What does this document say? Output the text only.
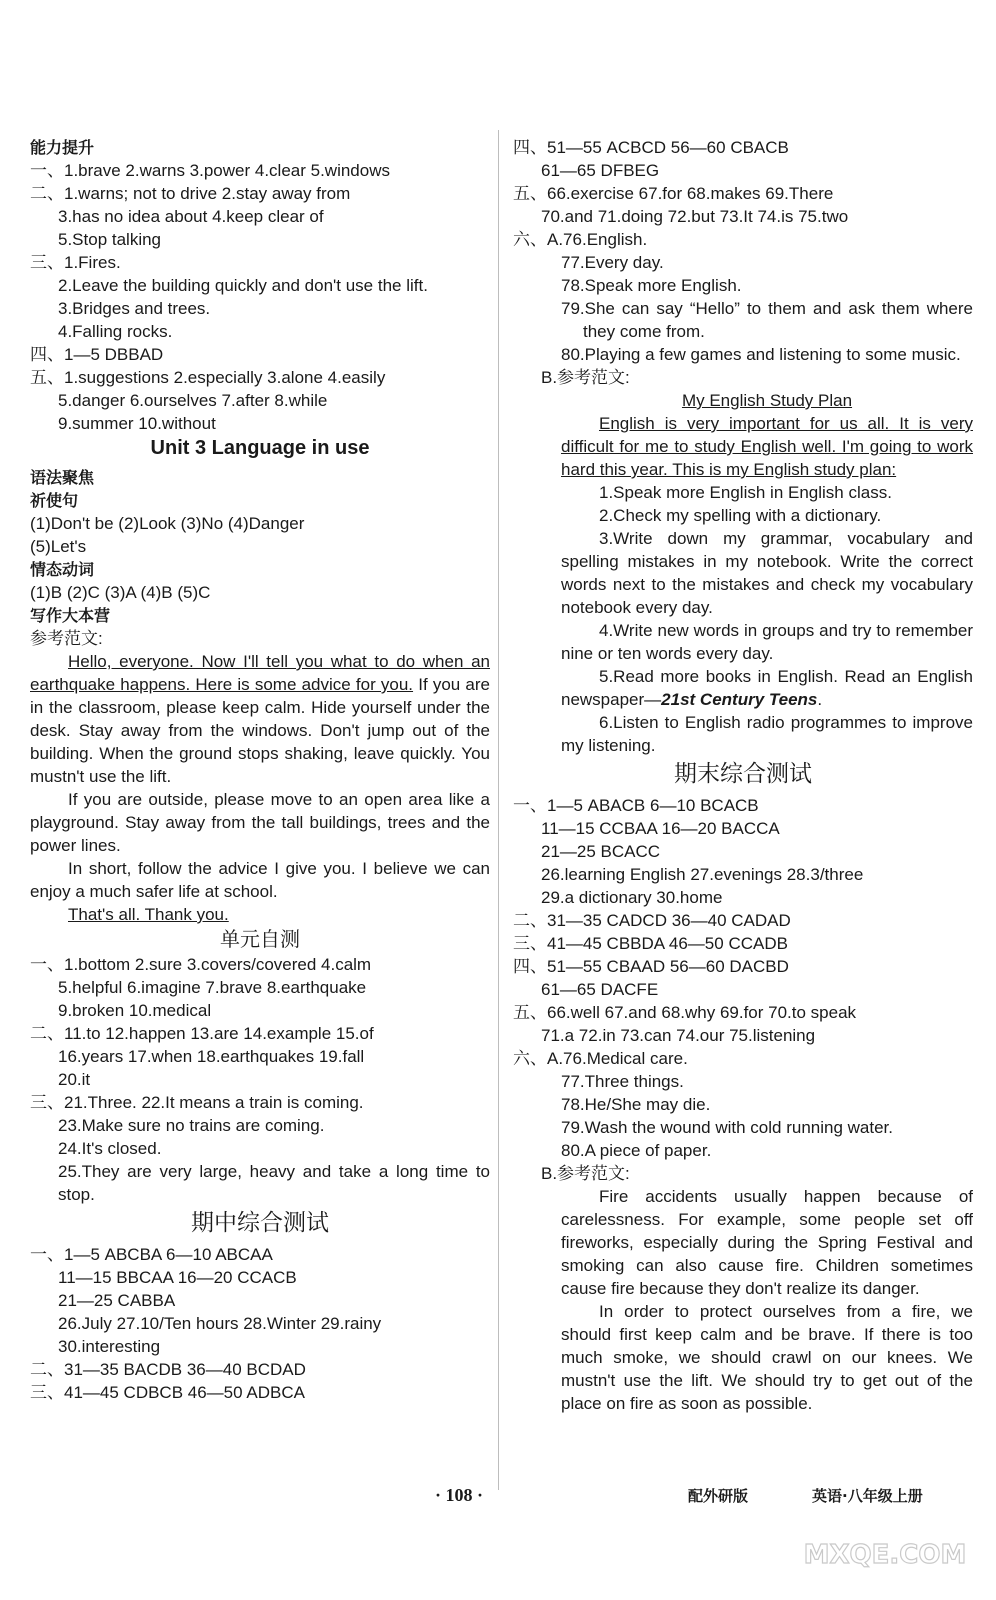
能力提升
一、1.brave 2.warns 3.power 4.clear 5.windows
二、1.warns; not to drive 2.stay away from
3.has no idea about 4.keep clear of
5.Stop talking
三、1.Fires.
2.Leave the building quickly and don't use the lift.
3.Bridges and trees.
4.Falling rocks.
四、1—5 DBBAD
五、1.suggestions 2.especially 3.alone 4.easily
5.danger 6.ourselves 7.after 8.while
9.summer 10.without
Unit 3 Language in use
语法聚焦
祈使句
(1)Don't be (2)Look (3)No (4)Danger
(5)Let's
情态动词
(1)B (2)C (3)A (4)B (5)C
写作大本营
参考范文:
Hello, everyone. Now I'll tell you what to do when an earthquake happens. Here is some advice for you. If you are in the classroom, please keep calm. Hide yourself under the desk. Stay away from the windows. Don't jump out of the building. When the ground stops shaking, leave quickly. You mustn't use the lift.
If you are outside, please move to an open area like a playground. Stay away from the tall buildings, trees and the power lines.
In short, follow the advice I give you. I believe we can enjoy a much safer life at school.
That's all. Thank you.
单元自测
一、1.bottom 2.sure 3.covers/covered 4.calm
5.helpful 6.imagine 7.brave 8.earthquake
9.broken 10.medical
二、11.to 12.happen 13.are 14.example 15.of
16.years 17.when 18.earthquakes 19.fall
20.it
三、21.Three. 22.It means a train is coming.
23.Make sure no trains are coming.
24.It's closed.
25.They are very large, heavy and take a long time to stop.
期中综合测试
一、1—5 ABCBA 6—10 ABCAA
11—15 BBCAA 16—20 CCACB
21—25 CABBA
26.July 27.10/Ten hours 28.Winter 29.rainy
30.interesting
二、31—35 BACDB 36—40 BCDAD
三、41—45 CDBCB 46—50 ADBCA
四、51—55 ACBCD 56—60 CBACB
61—65 DFBEG
五、66.exercise 67.for 68.makes 69.There
70.and 71.doing 72.but 73.It 74.is 75.two
六、A.76.English.
77.Every day.
78.Speak more English.
79.She can say “Hello” to them and ask them where they come from.
80.Playing a few games and listening to some music.
B.参考范文:
My English Study Plan
English is very important for us all. It is very difficult for me to study English well. I'm going to work hard this year. This is my English study plan:
1.Speak more English in English class.
2.Check my spelling with a dictionary.
3.Write down my grammar, vocabulary and spelling mistakes in my notebook. Write the correct words next to the mistakes and check my vocabulary notebook every day.
4.Write new words in groups and try to remember nine or ten words every day.
5.Read more books in English. Read an English newspaper—21st Century Teens.
6.Listen to English radio programmes to improve my listening.
期末综合测试
一、1—5 ABACB 6—10 BCACB
11—15 CCBAA 16—20 BACCA
21—25 BCACC
26.learning English 27.evenings 28.3/three
29.a dictionary 30.home
二、31—35 CADCD 36—40 CADAD
三、41—45 CBBDA 46—50 CCADB
四、51—55 CBAAD 56—60 DACBD
61—65 DACFE
五、66.well 67.and 68.why 69.for 70.to speak
71.a 72.in 73.can 74.our 75.listening
六、A.76.Medical care.
77.Three things.
78.He/She may die.
79.Wash the wound with cold running water.
80.A piece of paper.
B.参考范文:
Fire accidents usually happen because of carelessness. For example, some people set off fireworks, especially during the Spring Festival and smoking can also cause fire. Children sometimes cause fire because they don't realize its danger.
In order to protect ourselves from a fire, we should first keep calm and be brave. If there is too much smoke, we should crawl on our knees. We mustn't use the lift. We should try to get out of the place on fire as soon as possible.
· 108 ·	配外研版	英语·八年级上册
MXQE.COM
